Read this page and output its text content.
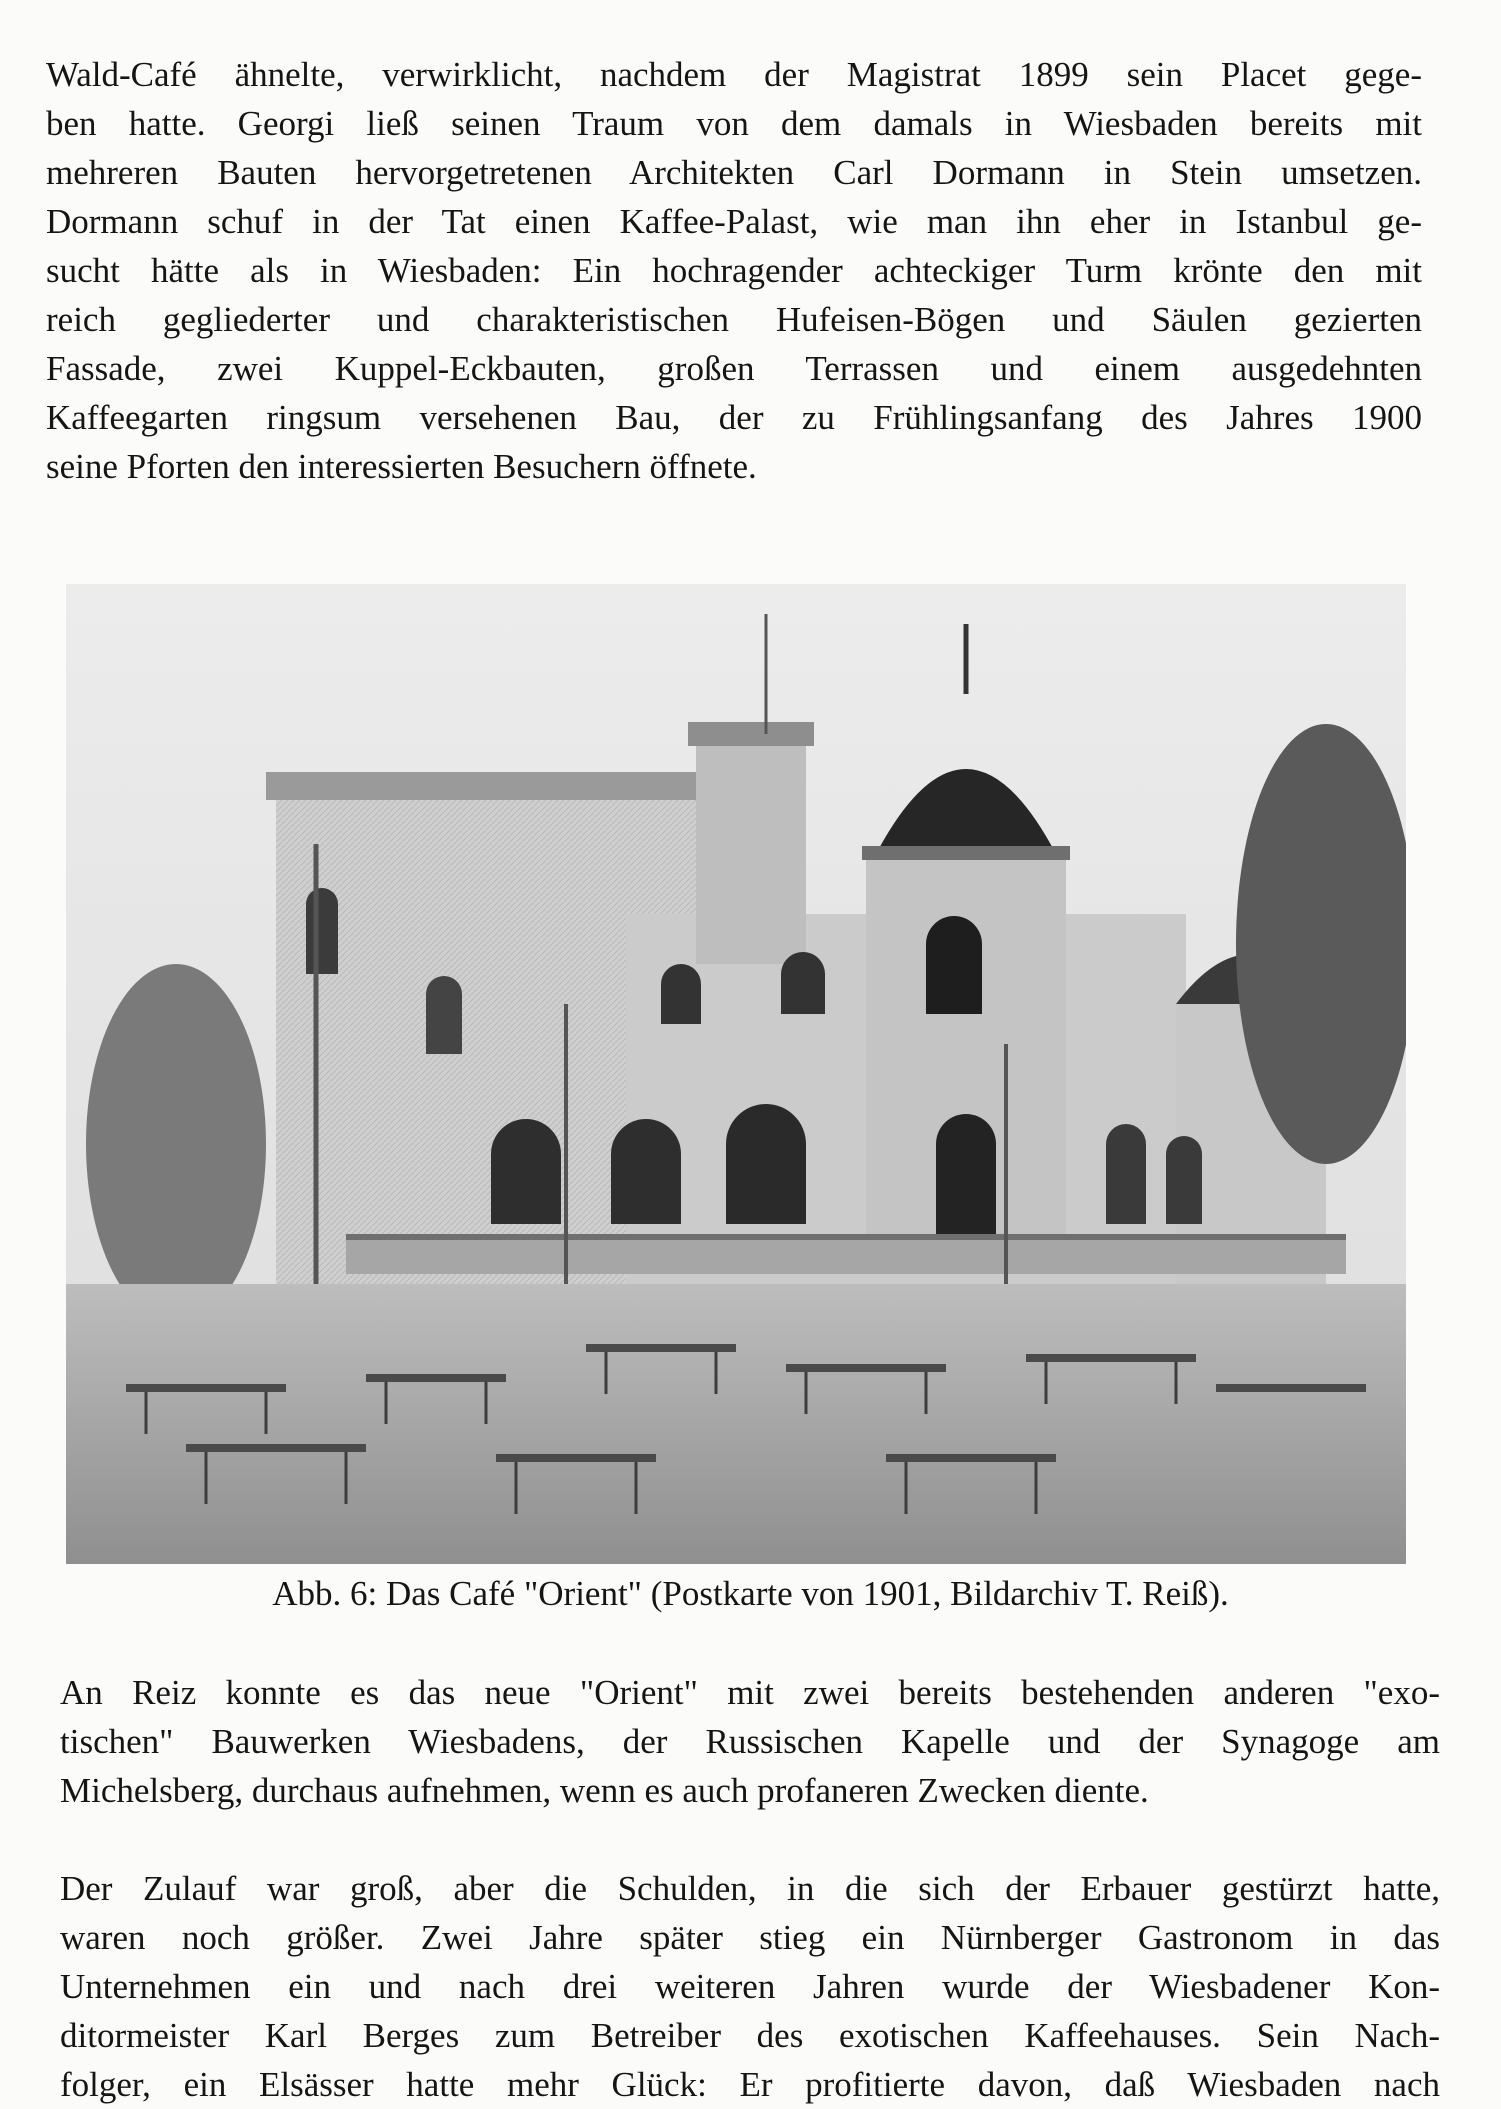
Wald-Café ähnelte, verwirklicht, nachdem der Magistrat 1899 sein Placet gege-
ben hatte. Georgi ließ seinen Traum von dem damals in Wiesbaden bereits mit
mehreren Bauten hervorgetretenen Architekten Carl Dormann in Stein umsetzen.
Dormann schuf in der Tat einen Kaffee-Palast, wie man ihn eher in Istanbul ge-
sucht hätte als in Wiesbaden: Ein hochragender achteckiger Turm krönte den mit
reich gegliederter und charakteristischen Hufeisen-Bögen und Säulen gezierten
Fassade, zwei Kuppel-Eckbauten, großen Terrassen und einem ausgedehnten
Kaffeegarten ringsum versehenen Bau, der zu Frühlingsanfang des Jahres 1900
seine Pforten den interessierten Besuchern öffnete.
Abb. 6: Das Café "Orient" (Postkarte von 1901, Bildarchiv T. Reiß).
An Reiz konnte es das neue "Orient" mit zwei bereits bestehenden anderen "exo-
tischen" Bauwerken Wiesbadens, der Russischen Kapelle und der Synagoge am
Michelsberg, durchaus aufnehmen, wenn es auch profaneren Zwecken diente.
Der Zulauf war groß, aber die Schulden, in die sich der Erbauer gestürzt hatte,
waren noch größer. Zwei Jahre später stieg ein Nürnberger Gastronom in das
Unternehmen ein und nach drei weiteren Jahren wurde der Wiesbadener Kon-
ditormeister Karl Berges zum Betreiber des exotischen Kaffeehauses. Sein Nach-
folger, ein Elsässer hatte mehr Glück: Er profitierte davon, daß Wiesbaden nach
